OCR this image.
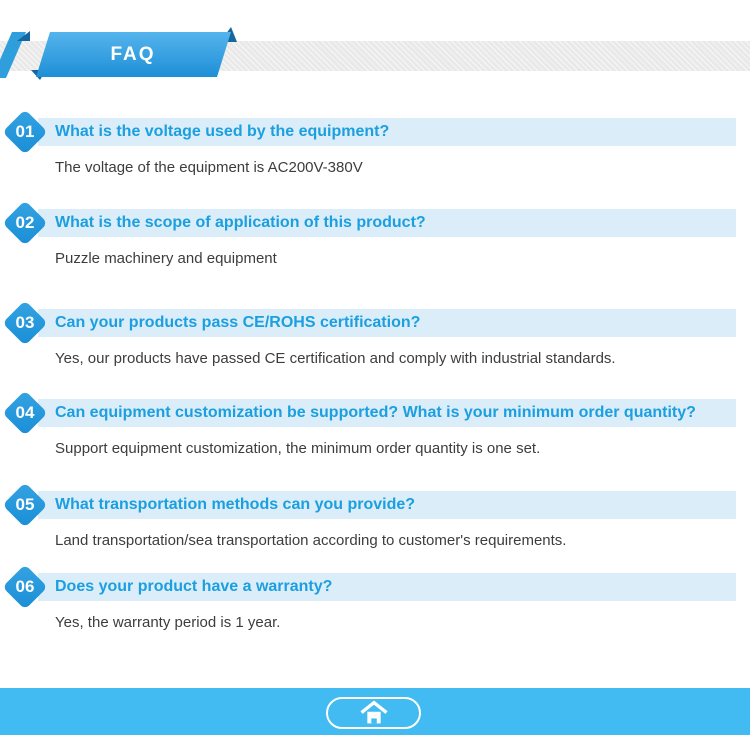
FAQ
What is the voltage used by the equipment?
01
The voltage of the equipment is AC200V-380V
What is the scope of application of this product?
02
Puzzle machinery and equipment
Can your products pass CE/ROHS certification?
03
Yes, our products have passed CE certification and comply with industrial standards.
Can equipment customization be supported? What is your minimum order quantity?
04
Support equipment customization, the minimum order quantity is one set.
What transportation methods can you provide?
05
Land transportation/sea transportation according to customer's requirements.
Does your product have a warranty?
06
Yes, the warranty period is 1 year.
